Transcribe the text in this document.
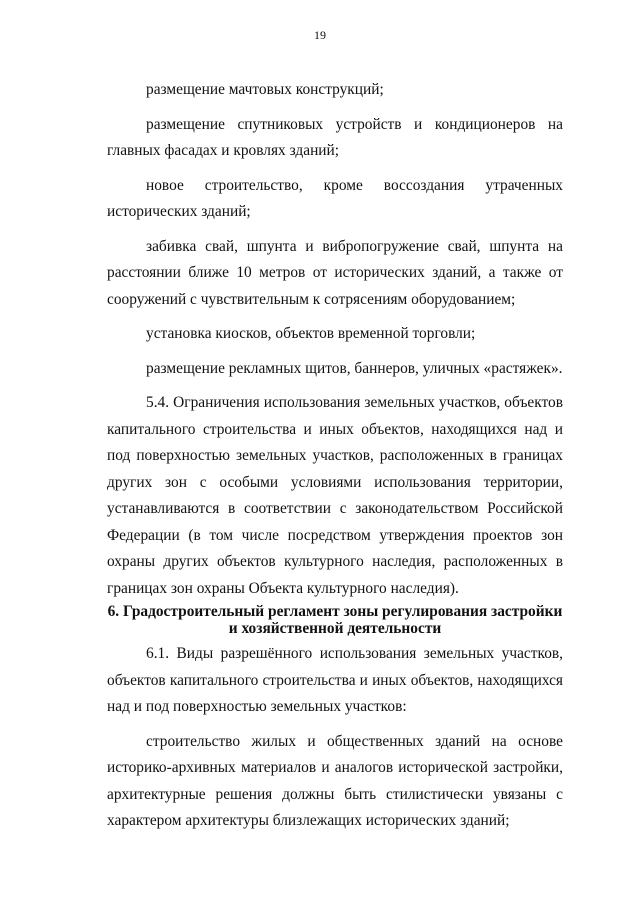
19

размещение мачтовых конструкций;

размещение спутниковых устройств и кондиционеров на главных фасадах и кровлях зданий;

новое строительство, кроме воссоздания утраченных исторических зданий;

забивка свай, шпунта и вибропогружение свай, шпунта на расстоянии ближе 10 метров от исторических зданий, а также от сооружений с чувствительным к сотрясениям оборудованием;

установка киосков, объектов временной торговли;

размещение рекламных щитов, баннеров, уличных «растяжек».

5.4. Ограничения использования земельных участков, объектов капитального строительства и иных объектов, находящихся над и под поверхностью земельных участков, расположенных в границах других зон с особыми условиями использования территории, устанавливаются в соответствии с законодательством Российской Федерации (в том числе посредством утверждения проектов зон охраны других объектов культурного наследия, расположенных в границах зон охраны Объекта культурного наследия).

6. Градостроительный регламент зоны регулирования застройки
и хозяйственной деятельности

6.1. Виды разрешённого использования земельных участков, объектов капитального строительства и иных объектов, находящихся над и под поверхностью земельных участков:

строительство жилых и общественных зданий на основе историко-архивных материалов и аналогов исторической застройки, архитектурные решения должны быть стилистически увязаны с характером архитектуры близлежащих исторических зданий;
